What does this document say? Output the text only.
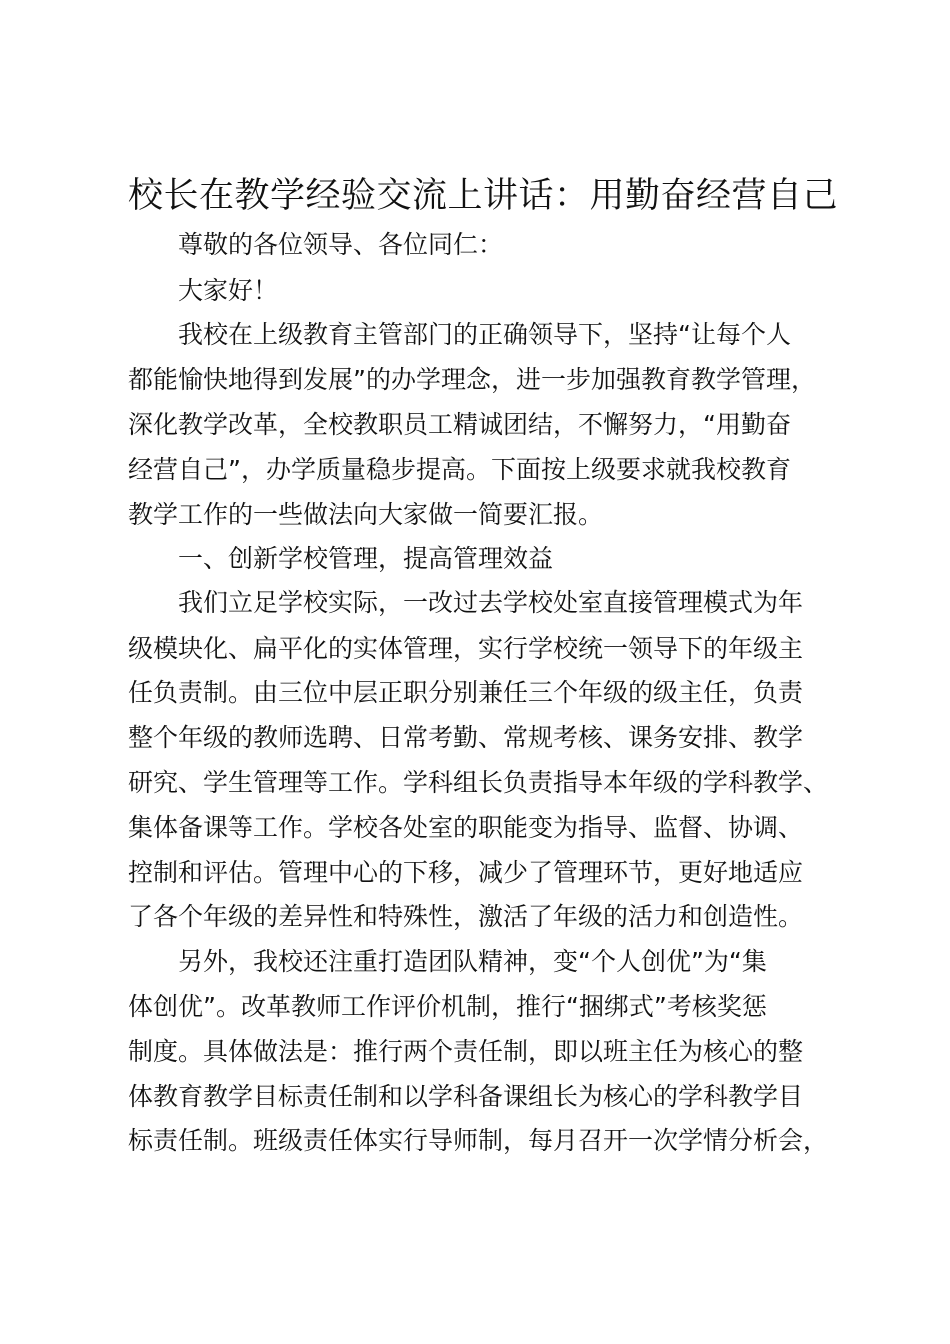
校长在教学经验交流上讲话：用勤奋经营自己

尊敬的各位领导、各位同仁：

大家好！

我校在上级教育主管部门的正确领导下，坚持“让每个人

都能愉快地得到发展”的办学理念，进一步加强教育教学管理，

深化教学改革，全校教职员工精诚团结，不懈努力，“用勤奋

经营自己”，办学质量稳步提高。下面按上级要求就我校教育

教学工作的一些做法向大家做一简要汇报。

一、创新学校管理，提高管理效益

我们立足学校实际，一改过去学校处室直接管理模式为年

级模块化、扁平化的实体管理，实行学校统一领导下的年级主

任负责制。由三位中层正职分别兼任三个年级的级主任，负责

整个年级的教师选聘、日常考勤、常规考核、课务安排、教学

研究、学生管理等工作。学科组长负责指导本年级的学科教学、

集体备课等工作。学校各处室的职能变为指导、监督、协调、

控制和评估。管理中心的下移，减少了管理环节，更好地适应

了各个年级的差异性和特殊性，激活了年级的活力和创造性。

另外，我校还注重打造团队精神，变“个人创优”为“集

体创优”。改革教师工作评价机制，推行“捆绑式”考核奖惩

制度。具体做法是：推行两个责任制，即以班主任为核心的整

体教育教学目标责任制和以学科备课组长为核心的学科教学目

标责任制。班级责任体实行导师制，每月召开一次学情分析会，
